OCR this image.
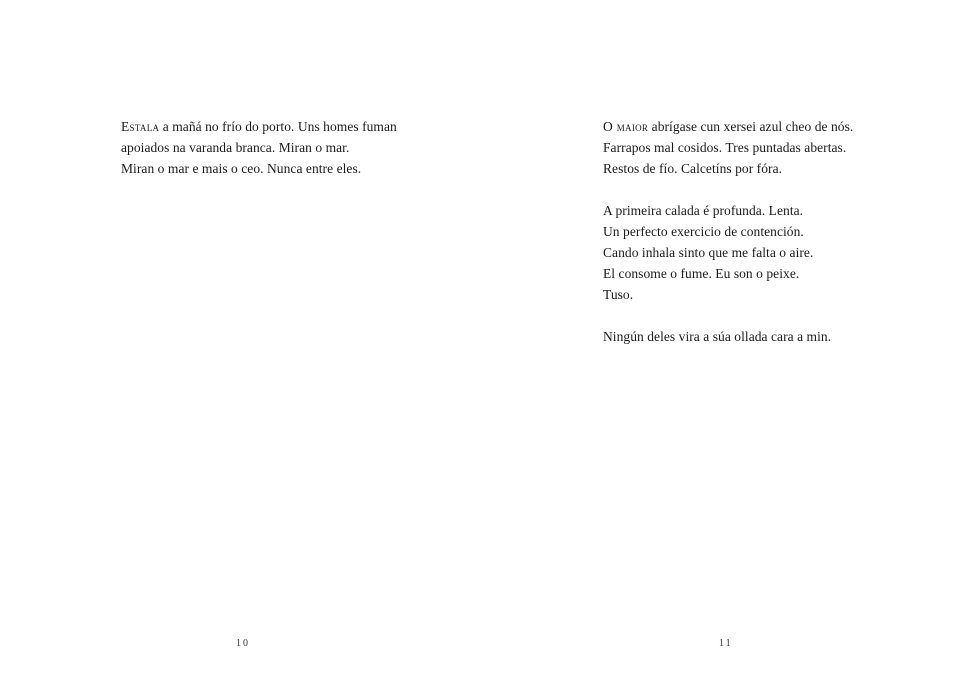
Estala a mañá no frío do porto. Uns homes fuman
apoiados na varanda branca. Miran o mar.
Miran o mar e mais o ceo. Nunca entre eles.
10
O maior abrígase cun xersei azul cheo de nós.
Farrapos mal cosidos. Tres puntadas abertas.
Restos de fío. Calcetíns por fóra.
A primeira calada é profunda. Lenta.
Un perfecto exercicio de contención.
Cando inhala sinto que me falta o aire.
El consome o fume. Eu son o peixe.
Tuso.
Ningún deles vira a súa ollada cara a min.
11
